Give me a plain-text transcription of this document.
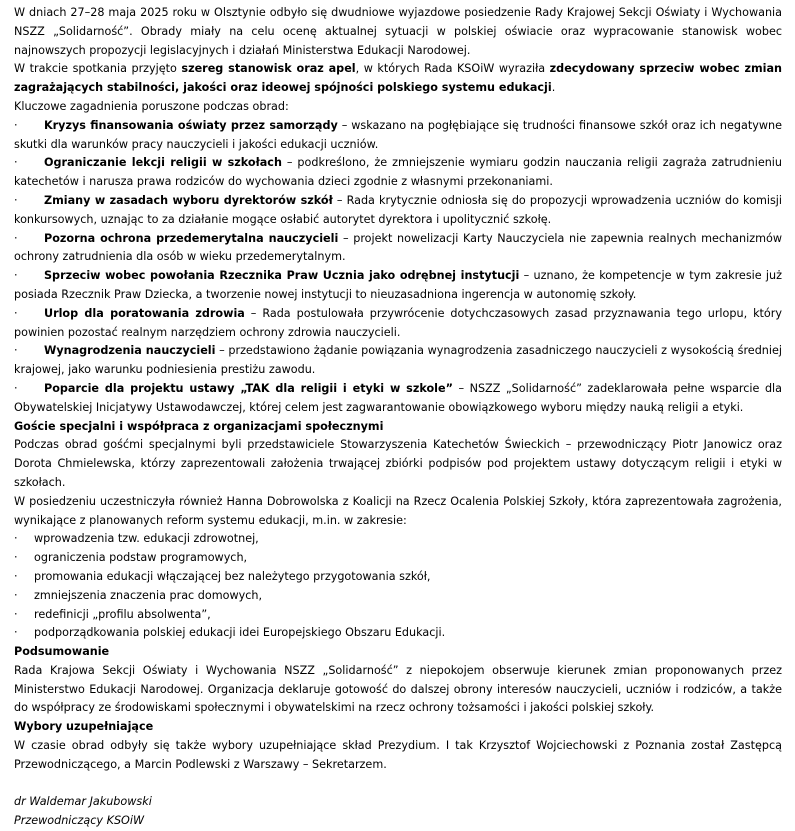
W dniach 27–28 maja 2025 roku w Olsztynie odbyło się dwudniowe wyjazdowe posiedzenie Rady Krajowej Sekcji Oświaty i Wychowania NSZZ „Solidarność”. Obrady miały na celu ocenę aktualnej sytuacji w polskiej oświacie oraz wypracowanie stanowisk wobec najnowszych propozycji legislacyjnych i działań Ministerstwa Edukacji Narodowej.

W trakcie spotkania przyjęto szereg stanowisk oraz apel, w których Rada KSOiW wyraziła zdecydowany sprzeciw wobec zmian zagrażających stabilności, jakości oraz ideowej spójności polskiego systemu edukacji.

Kluczowe zagadnienia poruszone podczas obrad:

· Kryzys finansowania oświaty przez samorządy – wskazano na pogłębiające się trudności finansowe szkół oraz ich negatywne skutki dla warunków pracy nauczycieli i jakości edukacji uczniów.

· Ograniczanie lekcji religii w szkołach – podkreślono, że zmniejszenie wymiaru godzin nauczania religii zagraża zatrudnieniu katechetów i narusza prawa rodziców do wychowania dzieci zgodnie z własnymi przekonaniami.

· Zmiany w zasadach wyboru dyrektorów szkół – Rada krytycznie odniosła się do propozycji wprowadzenia uczniów do komisji konkursowych, uznając to za działanie mogące osłabić autorytet dyrektora i upolitycznić szkołę.

· Pozorna ochrona przedemerytalna nauczycieli – projekt nowelizacji Karty Nauczyciela nie zapewnia realnych mechanizmów ochrony zatrudnienia dla osób w wieku przedemerytalnym.

· Sprzeciw wobec powołania Rzecznika Praw Ucznia jako odrębnej instytucji – uznano, że kompetencje w tym zakresie już posiada Rzecznik Praw Dziecka, a tworzenie nowej instytucji to nieuzasadniona ingerencja w autonomię szkoły.

· Urlop dla poratowania zdrowia – Rada postulowała przywrócenie dotychczasowych zasad przyznawania tego urlopu, który powinien pozostać realnym narzędziem ochrony zdrowia nauczycieli.

· Wynagrodzenia nauczycieli – przedstawiono żądanie powiązania wynagrodzenia zasadniczego nauczycieli z wysokością średniej krajowej, jako warunku podniesienia prestiżu zawodu.

· Poparcie dla projektu ustawy „TAK dla religii i etyki w szkole” – NSZZ „Solidarność” zadeklarowała pełne wsparcie dla Obywatelskiej Inicjatywy Ustawodawczej, której celem jest zagwarantowanie obowiązkowego wyboru między nauką religii a etyki.

Goście specjalni i współpraca z organizacjami społecznymi

Podczas obrad gośćmi specjalnymi byli przedstawiciele Stowarzyszenia Katechetów Świeckich – przewodniczący Piotr Janowicz oraz Dorota Chmielewska, którzy zaprezentowali założenia trwającej zbiórki podpisów pod projektem ustawy dotyczącym religii i etyki w szkołach.

W posiedzeniu uczestniczyła również Hanna Dobrowolska z Koalicji na Rzecz Ocalenia Polskiej Szkoły, która zaprezentowała zagrożenia, wynikające z planowanych reform systemu edukacji, m.in. w zakresie:

·	wprowadzenia tzw. edukacji zdrowotnej,
·	ograniczenia podstaw programowych,
·	promowania edukacji włączającej bez należytego przygotowania szkół,
·	zmniejszenia znaczenia prac domowych,
·	redefinicji „profilu absolwenta”,
·	podporządkowania polskiej edukacji idei Europejskiego Obszaru Edukacji.

Podsumowanie

Rada Krajowa Sekcji Oświaty i Wychowania NSZZ „Solidarność” z niepokojem obserwuje kierunek zmian proponowanych przez Ministerstwo Edukacji Narodowej. Organizacja deklaruje gotowość do dalszej obrony interesów nauczycieli, uczniów i rodziców, a także do współpracy ze środowiskami społecznymi i obywatelskimi na rzecz ochrony tożsamości i jakości polskiej szkoły.

Wybory uzupełniające

W czasie obrad odbyły się także wybory uzupełniające skład Prezydium. I tak Krzysztof Wojciechowski z Poznania został Zastępcą Przewodniczącego, a Marcin Podlewski z Warszawy – Sekretarzem.

dr Waldemar Jakubowski

Przewodniczący KSOiW
